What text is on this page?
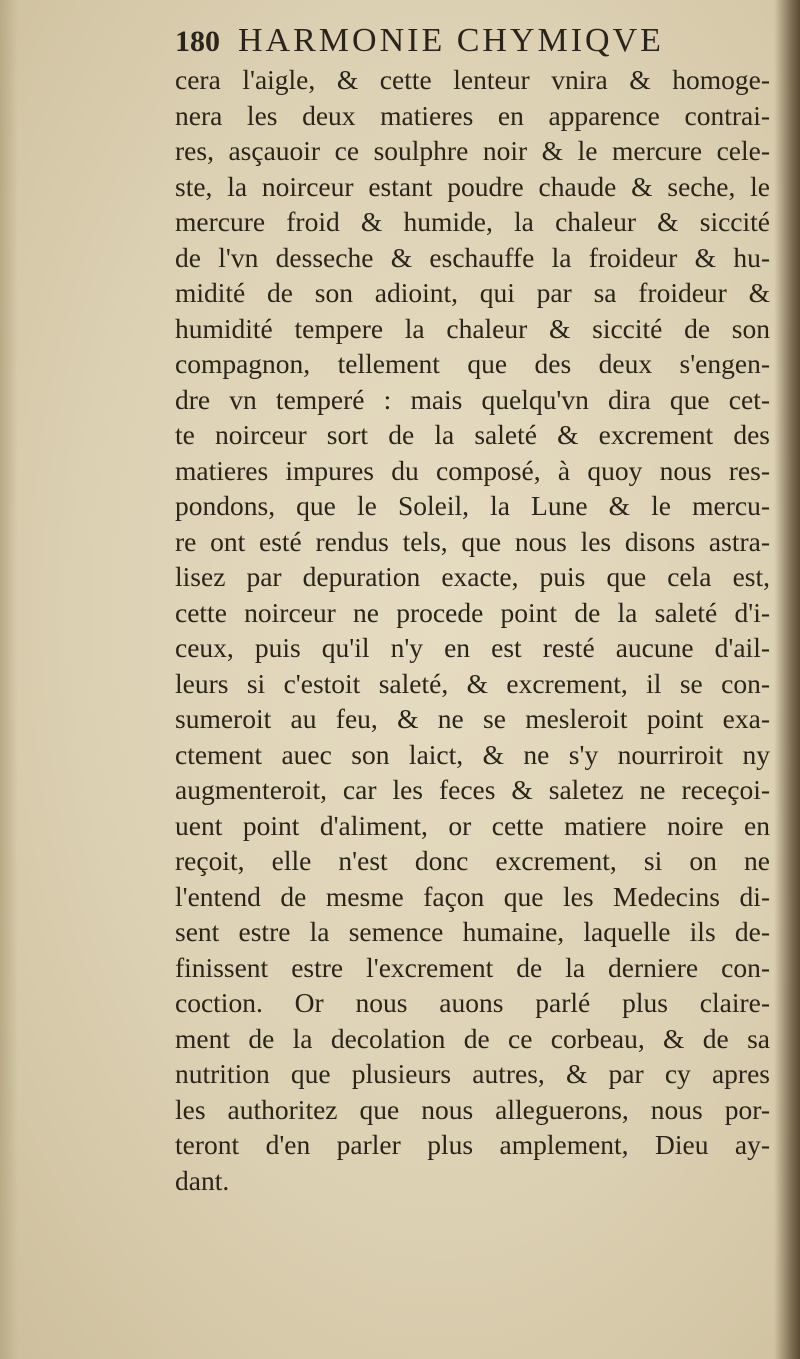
180 HARMONIE CHYMIQVE
cera l'aigle, & cette lenteur vnira & homoge-
nera les deux matieres en apparence contrai-
res, asçauoir ce soulphre noir & le mercure cele-
ste, la noirceur estant poudre chaude & seche, le
mercure froid & humide, la chaleur & siccité
de l'vn desseche & eschauffe la froideur & hu-
midité de son adioint, qui par sa froideur &
humidité tempere la chaleur & siccité de son
compagnon, tellement que des deux s'engen-
dre vn temperé : mais quelqu'vn dira que cet-
te noirceur sort de la saleté & excrement des
matieres impures du composé, à quoy nous res-
pondons, que le Soleil, la Lune & le mercu-
re ont esté rendus tels, que nous les disons astra-
lisez par depuration exacte, puis que cela est,
cette noirceur ne procede point de la saleté d'i-
ceux, puis qu'il n'y en est resté aucune d'ail-
leurs si c'estoit saleté, & excrement, il se con-
sumeroit au feu, & ne se mesleroit point exa-
ctement auec son laict, & ne s'y nourriroit ny
augmenteroit, car les feces & saletez ne receçoi-
uent point d'aliment, or cette matiere noire en
reçoit, elle n'est donc excrement, si on ne
l'entend de mesme façon que les Medecins di-
sent estre la semence humaine, laquelle ils de-
finissent estre l'excrement de la derniere con-
coction. Or nous auons parlé plus claire-
ment de la decolation de ce corbeau, & de sa
nutrition que plusieurs autres, & par cy apres
les authoritez que nous alleguerons, nous por-
teront d'en parler plus amplement, Dieu ay-
dant.
